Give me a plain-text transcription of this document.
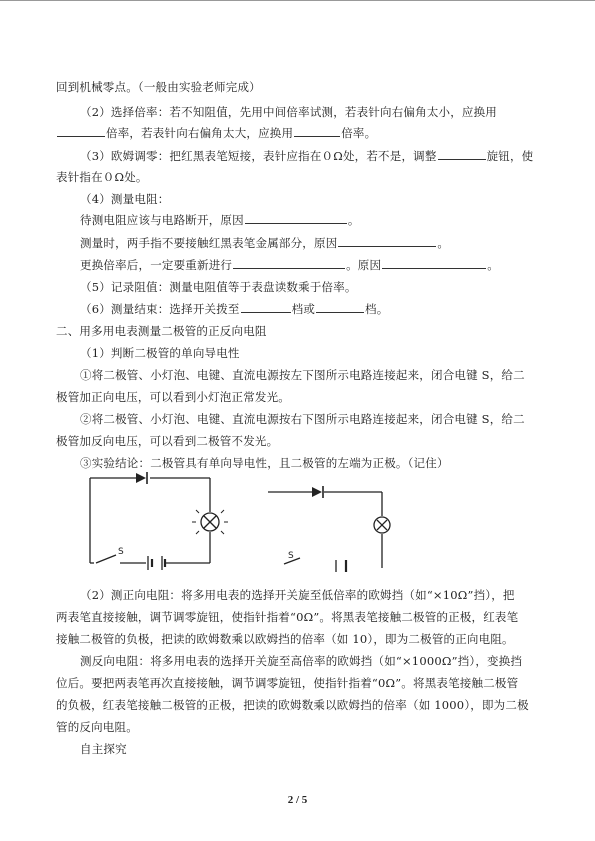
回到机械零点。（一般由实验老师完成）
（2）选择倍率：若不知阻值，先用中间倍率试测，若表针向右偏角太小，应换用
倍率，若表针向右偏角太大，应换用	倍率。
（3）欧姆调零：把红黑表笔短接，表针应指在０Ω处，若不是，调整	旋钮，使
表针指在０Ω处。
（4）测量电阻：
待测电阻应该与电路断开，原因	。
测量时，两手指不要接触红黑表笔金属部分，原因	。
更换倍率后，一定要重新进行	。原因	。
（5）记录阻值：测量电阻值等于表盘读数乘于倍率。
（6）测量结束：选择开关拨至	档或	档。
二、用多用电表测量二极管的正反向电阻
（1）判断二极管的单向导电性
①将二极管、小灯泡、电键、直流电源按左下图所示电路连接起来，闭合电键 S，给二
极管加正向电压，可以看到小灯泡正常发光。
②将二极管、小灯泡、电键、直流电源按右下图所示电路连接起来，闭合电键 S，给二
极管加反向电压，可以看到二极管不发光。
③实验结论：二极管具有单向导电性，且二极管的左端为正极。（记住）
S	S
（2）测正向电阻：将多用电表的选择开关旋至低倍率的欧姆挡（如“×10Ω”挡），把
两表笔直接接触，调节调零旋钮，使指针指着“0Ω”。将黑表笔接触二极管的正极，红表笔
接触二极管的负极，把读的欧姆数乘以欧姆挡的倍率（如 10），即为二极管的正向电阻。
测反向电阻：将多用电表的选择开关旋至高倍率的欧姆挡（如“×1000Ω”挡），变换挡
位后。要把两表笔再次直接接触，调节调零旋钮，使指针指着“0Ω”。将黑表笔接触二极管
的负极，红表笔接触二极管的正极，把读的欧姆数乘以欧姆挡的倍率（如 1000），即为二极
管的反向电阻。
自主探究
2 / 5
